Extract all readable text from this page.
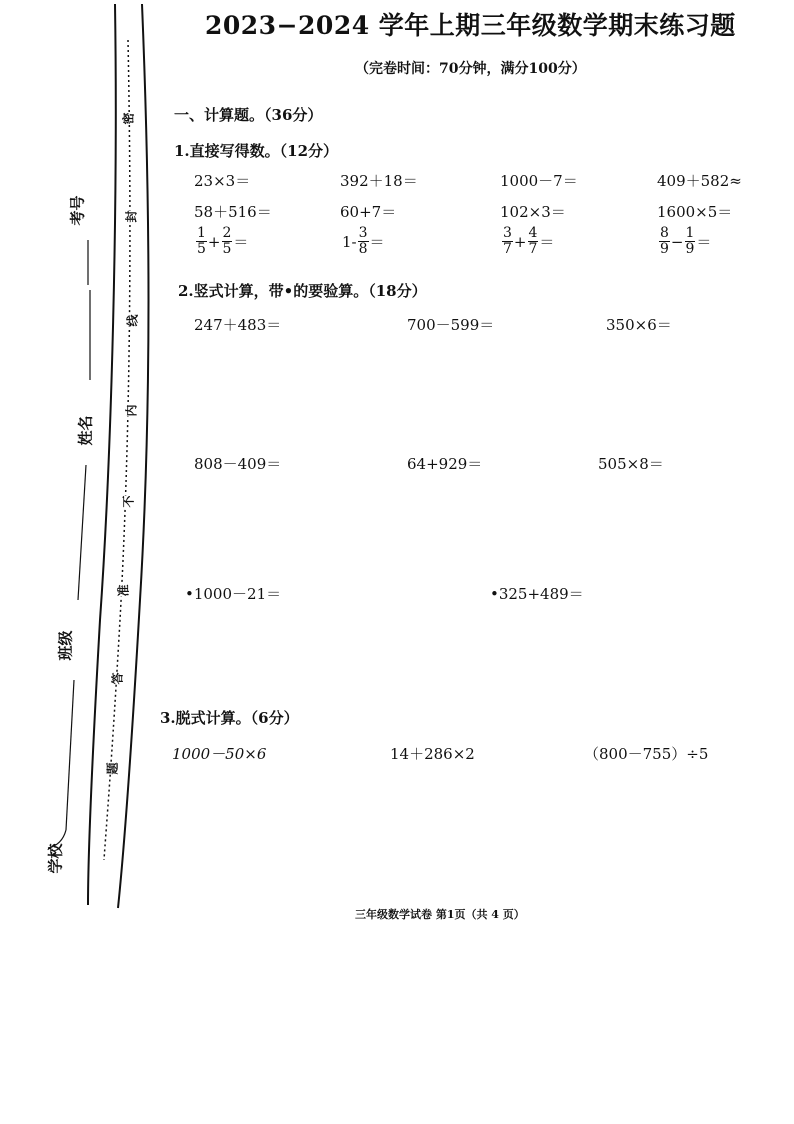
考号
姓名
班级
学校
密
封
线
内
不
准
答
题
2023−2024 学年上期三年级数学期末练习题
（完卷时间：70分钟，满分100分）
一、计算题。（36分）
1.直接写得数。（12分）
23×3＝	392＋18＝	1000－7＝	409＋582≈
58＋516＝	60+7＝	102×3＝	1600×5＝
$\frac{1}{5} + \frac{2}{5}$ ＝	$1- \frac{3}{8}$ ＝	$\frac{3}{7} + \frac{4}{7}$ ＝	$\frac{8}{9} - \frac{1}{9}$ ＝
2.竖式计算，带•的要验算。（18分）
247＋483＝	700－599＝	350×6＝
808－409＝	64+929＝	505×8＝
•1000－21＝	•325+489＝
3.脱式计算。（6分）
1000－50×6	14＋286×2	（800－755）÷5
三年级数学试卷 第1页（共 4 页）
